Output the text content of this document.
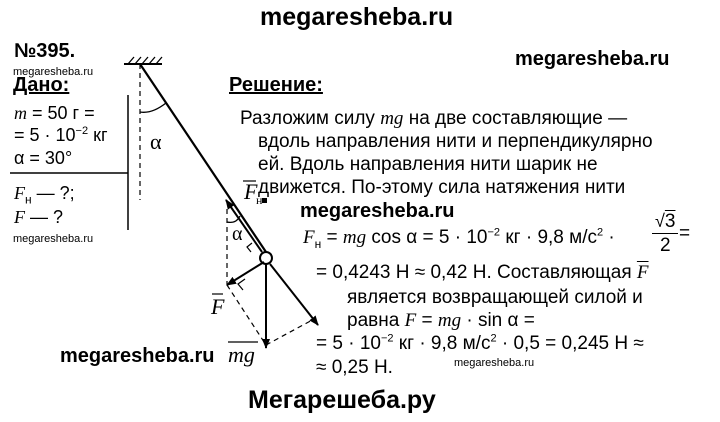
megaresheba.ru
megaresheba.ru
megaresheba.ru
megaresheba.ru
megaresheba.ru
megaresheba.ru	megaresheba.ru
Мегарешеба.ру
№395.
Дано:
m = 50 г =
= $5 \cdot 10^{-2}$ кг
α = 30°
$F_н$ — ?;
F — ?
Решение:
Разложим силу mg на две составляющие —
вдоль направления нити и перпендикулярно
ей. Вдоль направления нити шарик не
движется. По-этому сила натяжения нити
$F_н$ = mg $\cos \alpha = 5 \cdot 10^{-2}$ кг · 9,8 $м/с^2$ ·
√3
2
=
= 0,4243 Н ≈ 0,42 Н. Составляющая $\overline{F}$
является возвращающей силой и
равна F = mg · sin α =
= $5 \cdot 10^{-2}$ кг · 9,8 $м/с^2 \cdot 0,5 = 0,245$ Н ≈
≈ 0,25 Н.
α
α
F
н
F
mg
